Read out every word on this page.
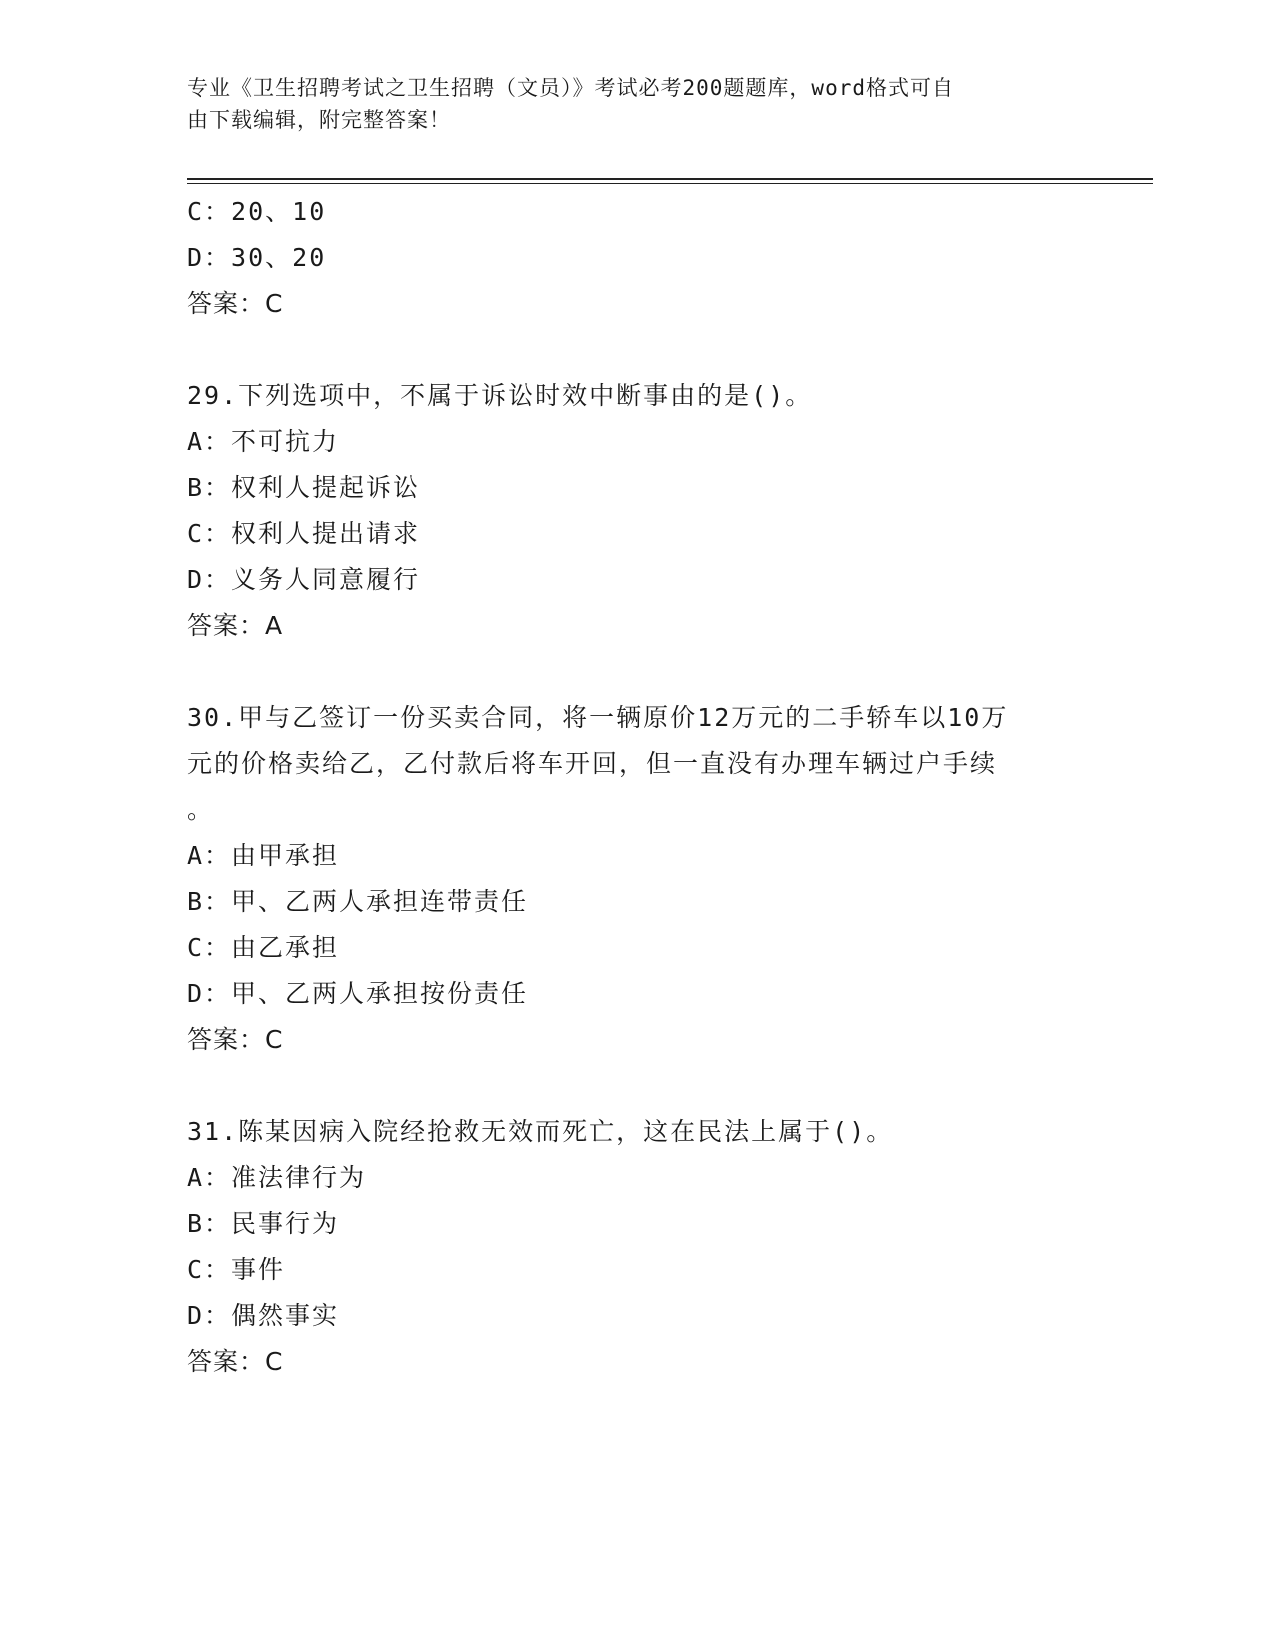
专业《卫生招聘考试之卫生招聘（文员）》考试必考200题题库，word格式可自
由下载编辑，附完整答案！
C：20、10
D：30、20
答案：C
29.下列选项中，不属于诉讼时效中断事由的是()。
A：不可抗力
B：权利人提起诉讼
C：权利人提出请求
D：义务人同意履行
答案：A
30.甲与乙签订一份买卖合同，将一辆原价12万元的二手轿车以10万
元的价格卖给乙，乙付款后将车开回，但一直没有办理车辆过户手续
。
A：由甲承担
B：甲、乙两人承担连带责任
C：由乙承担
D：甲、乙两人承担按份责任
答案：C
31.陈某因病入院经抢救无效而死亡，这在民法上属于()。
A：准法律行为
B：民事行为
C：事件
D：偶然事实
答案：C
